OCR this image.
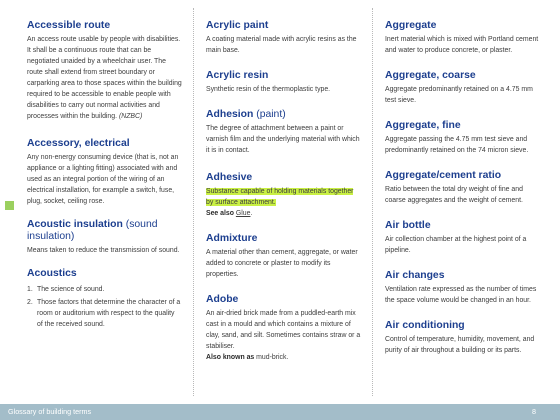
Accessible route

An access route usable by people with disabilities. It shall be a continuous route that can be negotiated unaided by a wheelchair user. The route shall extend from street boundary or carparking area to those spaces within the building required to be accessible to enable people with disabilities to carry out normal activities and processes within the building. (NZBC)

Accessory, electrical

Any non-energy consuming device (that is, not an appliance or a lighting fitting) associated with and used as an integral portion of the wiring of an electrical installation, for example a switch, fuse, plug, socket, ceiling rose.

Acoustic insulation (sound insulation)

Means taken to reduce the transmission of sound.

Acoustics
1. The science of sound.
2. Those factors that determine the character of a room or auditorium with respect to the quality of the received sound.
Acrylic paint

A coating material made with acrylic resins as the main base.

Acrylic resin

Synthetic resin of the thermoplastic type.

Adhesion (paint)

The degree of attachment between a paint or varnish film and the underlying material with which it is in contact.

Adhesive

Substance capable of holding materials together by surface attachment.

See also Glue.

Admixture

A material other than cement, aggregate, or water added to concrete or plaster to modify its properties.

Adobe

An air-dried brick made from a puddled-earth mix cast in a mould and which contains a mixture of clay, sand, and silt. Sometimes contains straw or a stabiliser.

Also known as mud-brick.

Aggregate

Inert material which is mixed with Portland cement and water to produce concrete, or plaster.

Aggregate, coarse

Aggregate predominantly retained on a 4.75 mm test sieve.

Aggregate, fine

Aggregate passing the 4.75 mm test sieve and predominantly retained on the 74 micron sieve.

Aggregate/cement ratio

Ratio between the total dry weight of fine and coarse aggregates and the weight of cement.

Air bottle

Air collection chamber at the highest point of a pipeline.

Air changes

Ventilation rate expressed as the number of times the space volume would be changed in an hour.

Air conditioning

Control of temperature, humidity, movement, and purity of air throughout a building or its parts.

Glossary of building terms	8
